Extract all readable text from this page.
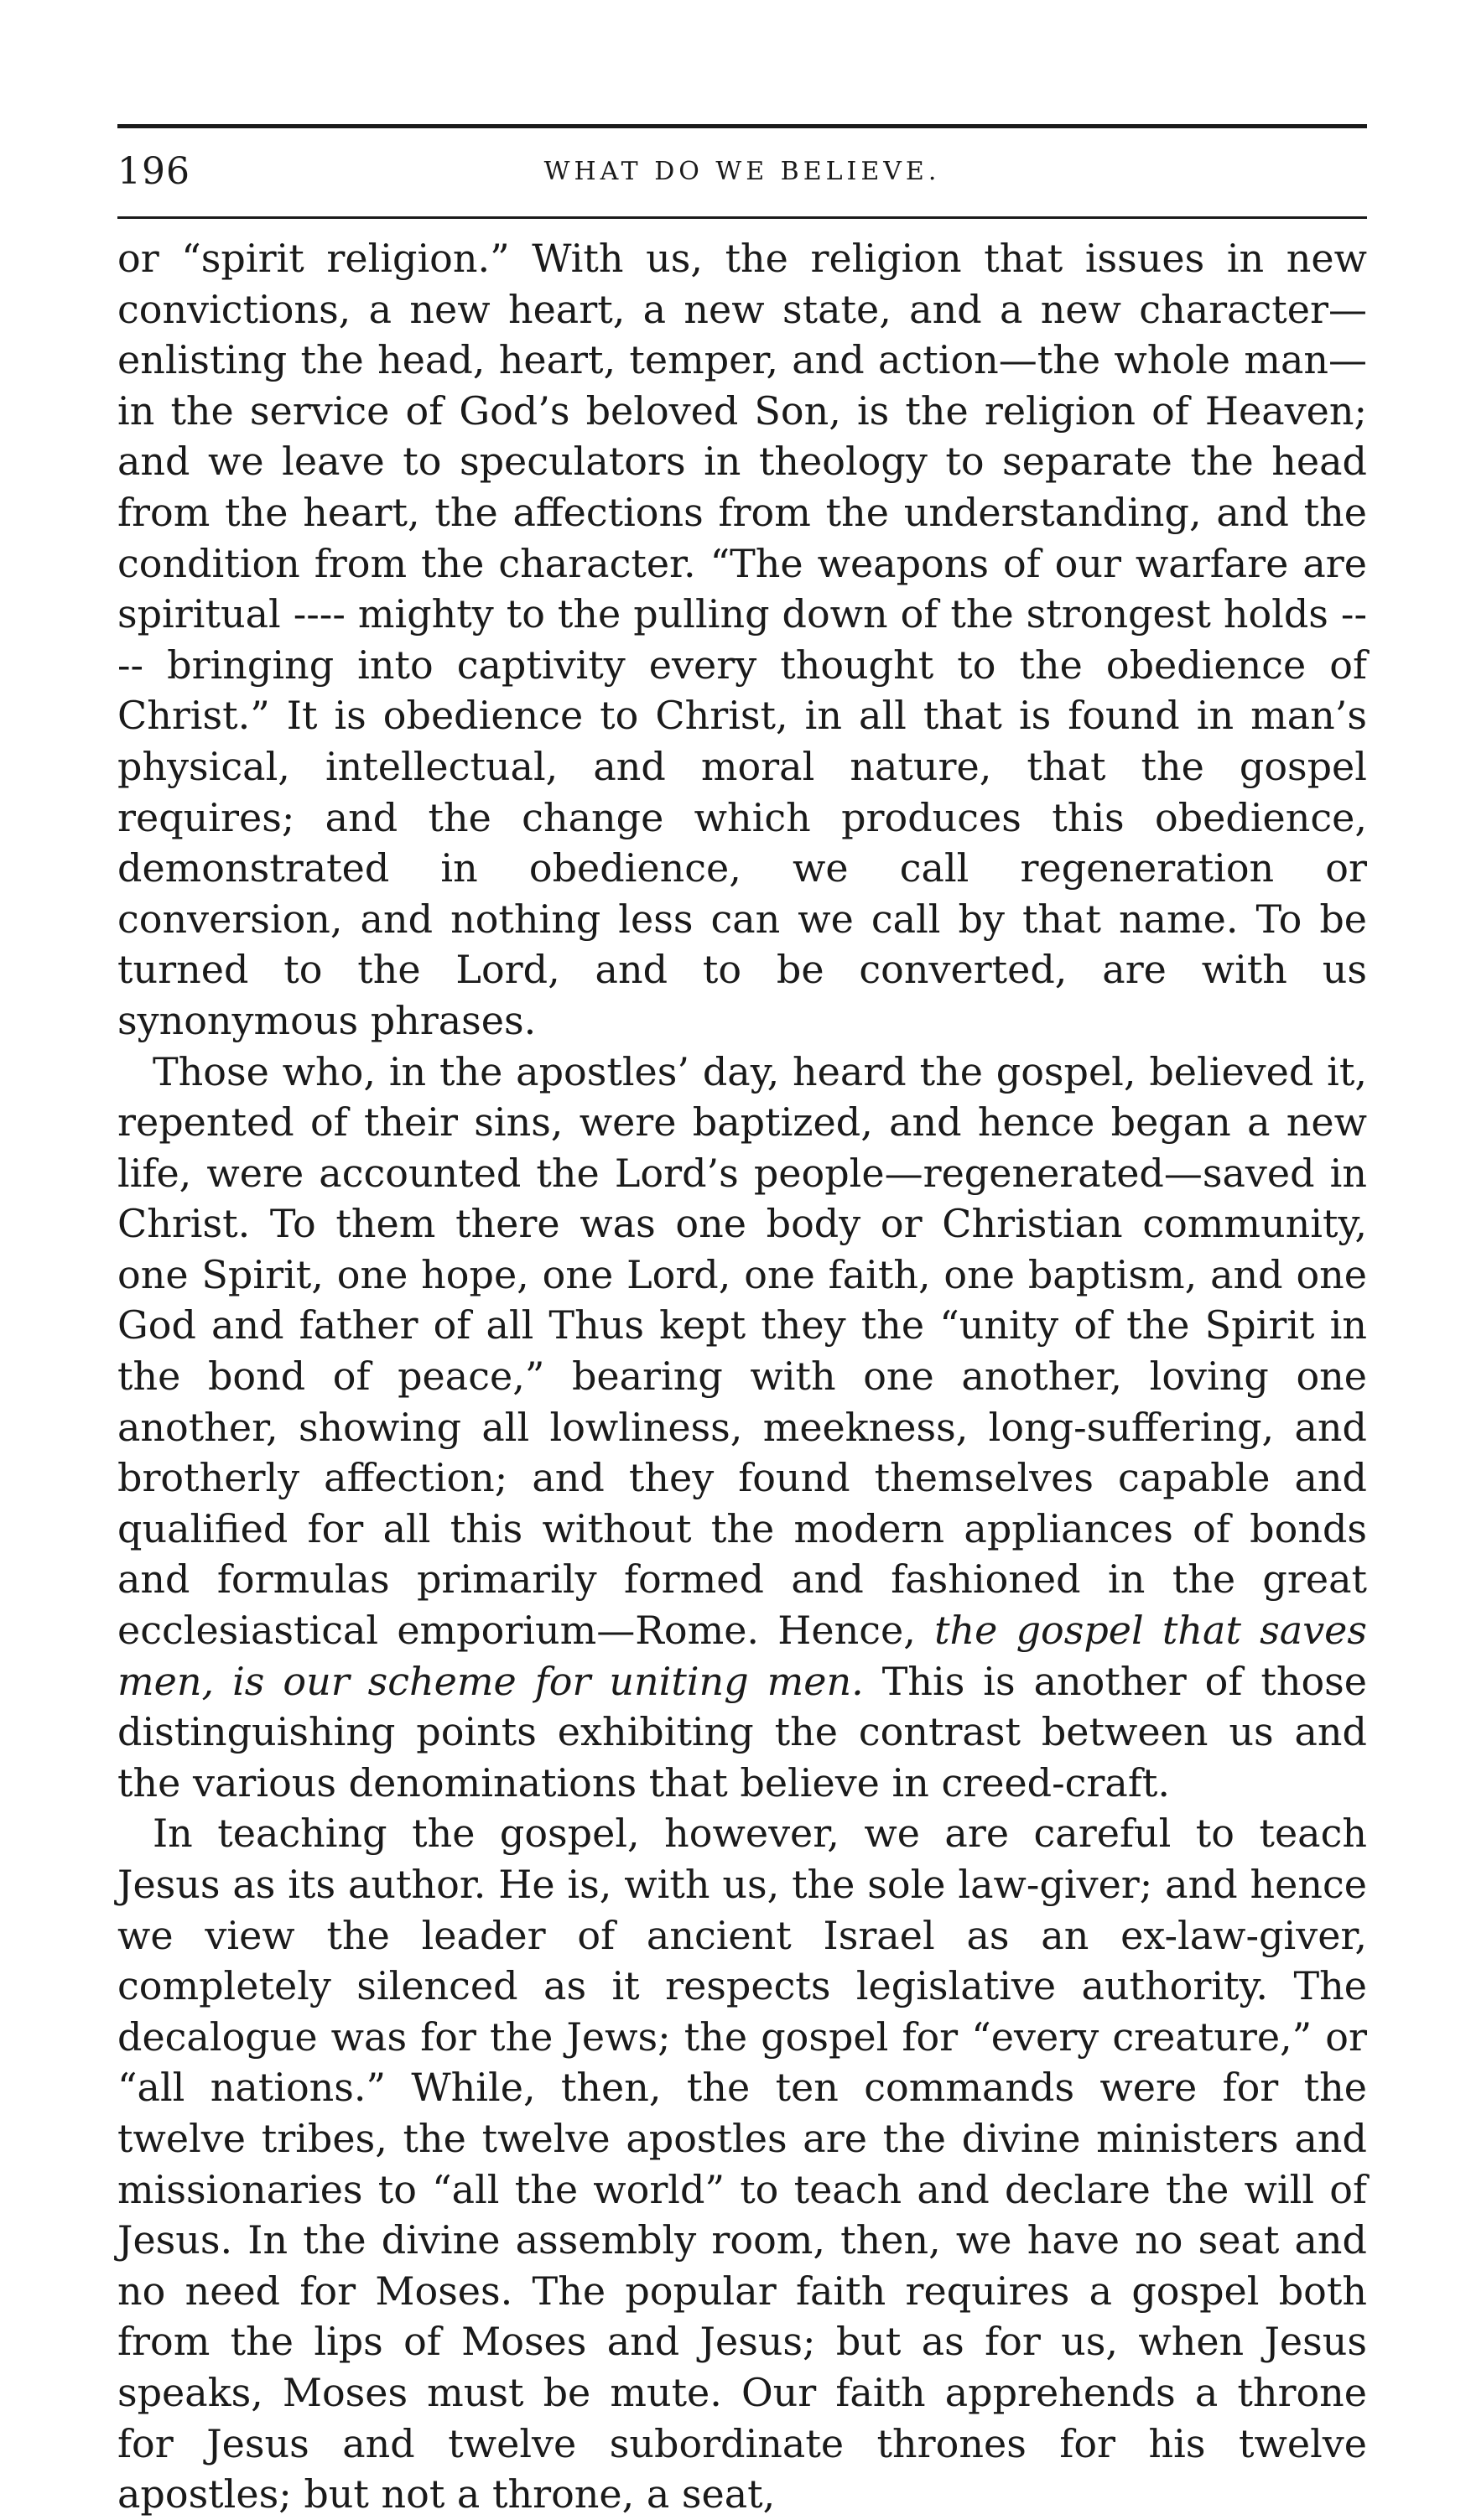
196	WHAT DO WE BELIEVE.

or “spirit religion.” With us, the religion that issues in new convictions, a new heart, a new state, and a new character—enlisting the head, heart, temper, and action—the whole man—in the service of God’s beloved Son, is the religion of Heaven; and we leave to speculators in theology to separate the head from the heart, the affections from the understanding, and the condition from the character. “The weapons of our warfare are spiritual ---- mighty to the pulling down of the strongest holds ---- bringing into captivity every thought to the obedience of Christ.” It is obedience to Christ, in all that is found in man’s physical, intellectual, and moral nature, that the gospel requires; and the change which produces this obedience, demonstrated in obedience, we call regeneration or conversion, and nothing less can we call by that name. To be turned to the Lord, and to be converted, are with us synonymous phrases.

Those who, in the apostles’ day, heard the gospel, believed it, repented of their sins, were baptized, and hence began a new life, were accounted the Lord’s people—regenerated—saved in Christ. To them there was one body or Christian community, one Spirit, one hope, one Lord, one faith, one baptism, and one God and father of all Thus kept they the “unity of the Spirit in the bond of peace,” bearing with one another, loving one another, showing all lowliness, meekness, long-suffering, and brotherly affection; and they found themselves capable and qualified for all this without the modern appliances of bonds and formulas primarily formed and fashioned in the great ecclesiastical emporium—Rome. Hence, the gospel that saves men, is our scheme for uniting men. This is another of those distinguishing points exhibiting the contrast between us and the various denominations that believe in creed-craft.

In teaching the gospel, however, we are careful to teach Jesus as its author. He is, with us, the sole law-giver; and hence we view the leader of ancient Israel as an ex-law-giver, completely silenced as it respects legislative authority. The decalogue was for the Jews; the gospel for “every creature,” or “all nations.” While, then, the ten commands were for the twelve tribes, the twelve apostles are the divine ministers and missionaries to “all the world” to teach and declare the will of Jesus. In the divine assembly room, then, we have no seat and no need for Moses. The popular faith requires a gospel both from the lips of Moses and Jesus; but as for us, when Jesus speaks, Moses must be mute. Our faith apprehends a throne for Jesus and twelve subordinate thrones for his twelve apostles; but not a throne, a seat,
